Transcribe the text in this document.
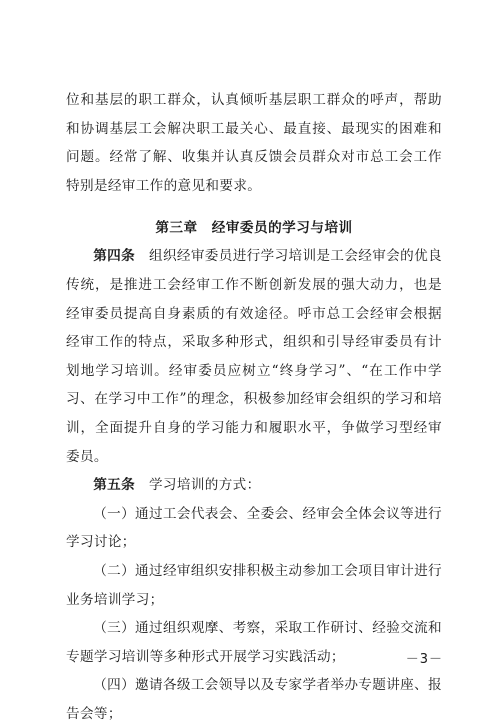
位和基层的职工群众，认真倾听基层职工群众的呼声，帮助和协调基层工会解决职工最关心、最直接、最现实的困难和问题。经常了解、收集并认真反馈会员群众对市总工会工作特别是经审工作的意见和要求。

第三章　经审委员的学习与培训

第四条　 组织经审委员进行学习培训是工会经审会的优良传统，是推进工会经审工作不断创新发展的强大动力，也是经审委员提高自身素质的有效途径。呼市总工会经审会根据经审工作的特点，采取多种形式，组织和引导经审委员有计划地学习培训。经审委员应树立“终身学习”、“在工作中学习、在学习中工作”的理念，积极参加经审会组织的学习和培训，全面提升自身的学习能力和履职水平，争做学习型经审委员。

第五条　 学习培训的方式：

（一）通过工会代表会、全委会、经审会全体会议等进行学习讨论；

（二）通过经审组织安排积极主动参加工会项目审计进行业务培训学习；

（三）通过组织观摩、考察，采取工作研讨、经验交流和专题学习培训等多种形式开展学习实践活动；

（四）邀请各级工会领导以及专家学者举办专题讲座、报告会等；

－3－
